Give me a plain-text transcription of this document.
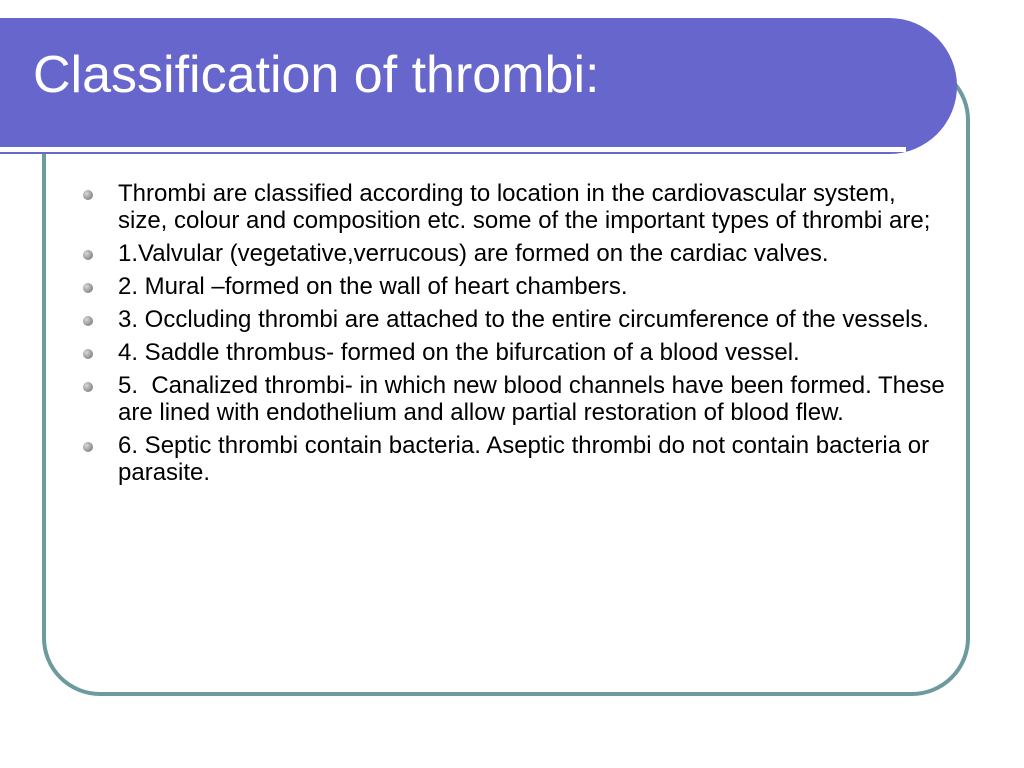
Classification of thrombi:
Thrombi are classified according to location in the cardiovascular system, size, colour and composition etc. some of the important types of thrombi are;
1.Valvular (vegetative,verrucous) are formed on the cardiac valves.
2. Mural –formed on the wall of heart chambers.
3. Occluding thrombi are attached to the entire circumference of the vessels.
4. Saddle thrombus- formed on the bifurcation of a blood vessel.
5.  Canalized thrombi- in which new blood channels have been formed. These are lined with endothelium and allow partial restoration of blood flew.
6. Septic thrombi contain bacteria. Aseptic thrombi do not contain bacteria or parasite.
